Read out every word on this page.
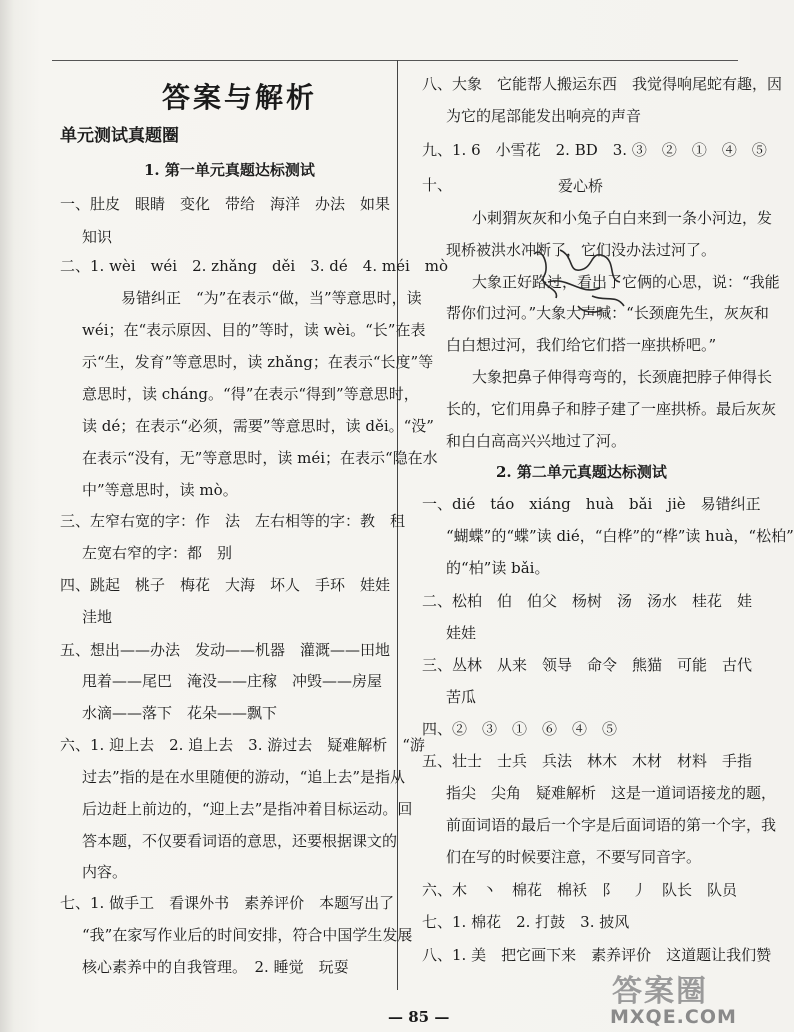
答案与解析
单元测试真题圈
1. 第一单元真题达标测试
一、肚皮　眼睛　变化　带给　海洋　办法　如果
知识
二、1. wèi　wéi　2. zhǎng　děi　3. dé　4. méi　mò
　易错纠正　“为”在表示“做，当”等意思时，读
wéi；在“表示原因、目的”等时，读 wèi。“长”在表
示“生，发育”等意思时，读 zhǎng；在表示“长度”等
意思时，读 cháng。“得”在表示“得到”等意思时，
读 dé；在表示“必须，需要”等意思时，读 děi。“没”
在表示“没有，无”等意思时，读 méi；在表示“隐在水
中”等意思时，读 mò。
三、左窄右宽的字：作　法　左右相等的字：教　租
左宽右窄的字：都　别
四、跳起　桃子　梅花　大海　坏人　手环　娃娃
洼地
五、想出——办法　发动——机器　灌溉——田地
甩着——尾巴　淹没——庄稼　冲毁——房屋
水滴——落下　花朵——飘下
六、1. 迎上去　2. 追上去　3. 游过去　疑难解析　“游
过去”指的是在水里随便的游动，“追上去”是指从
后边赶上前边的，“迎上去”是指冲着目标运动。回
答本题，不仅要看词语的意思，还要根据课文的
内容。
七、1. 做手工　看课外书　素养评价　本题写出了
“我”在家写作业后的时间安排，符合中国学生发展
核心素养中的自我管理。　2. 睡觉　玩耍
八、大象　它能帮人搬运东西　我觉得响尾蛇有趣，因
为它的尾部能发出响亮的声音
九、1. 6　小雪花　2. BD　3. ③　②　①　④　⑤
十、	爱心桥
小刺猬灰灰和小兔子白白来到一条小河边，发
现桥被洪水冲断了，它们没办法过河了。
大象正好路过，看出了它俩的心思，说：“我能
帮你们过河。”大象大声喊：“长颈鹿先生，灰灰和
白白想过河，我们给它们搭一座拱桥吧。”
大象把鼻子伸得弯弯的，长颈鹿把脖子伸得长
长的，它们用鼻子和脖子建了一座拱桥。最后灰灰
和白白高高兴兴地过了河。
一、dié　táo　xiáng　huà　bǎi　jiè　易错纠正
“蝴蝶”的“蝶”读 dié，“白桦”的“桦”读 huà，“松柏”
的“柏”读 bǎi。
二、松柏　伯　伯父　杨树　汤　汤水　桂花　娃
娃娃
三、丛林　从来　领导　命令　熊猫　可能　古代
苦瓜
四、②　③　①　⑥　④　⑤
五、壮士　士兵　兵法　林木　木材　材料　手指
指尖　尖角　疑难解析　这是一道词语接龙的题，
前面词语的最后一个字是后面词语的第一个字，我
们在写的时候要注意，不要写同音字。
六、木　丶　棉花　棉袄　阝　丿　队长　队员
七、1. 棉花　2. 打鼓　3. 披风
八、1. 美　把它画下来　素养评价　这道题让我们赞
2. 第二单元真题达标测试
— 85 —
答案圈
MXQE.COM
